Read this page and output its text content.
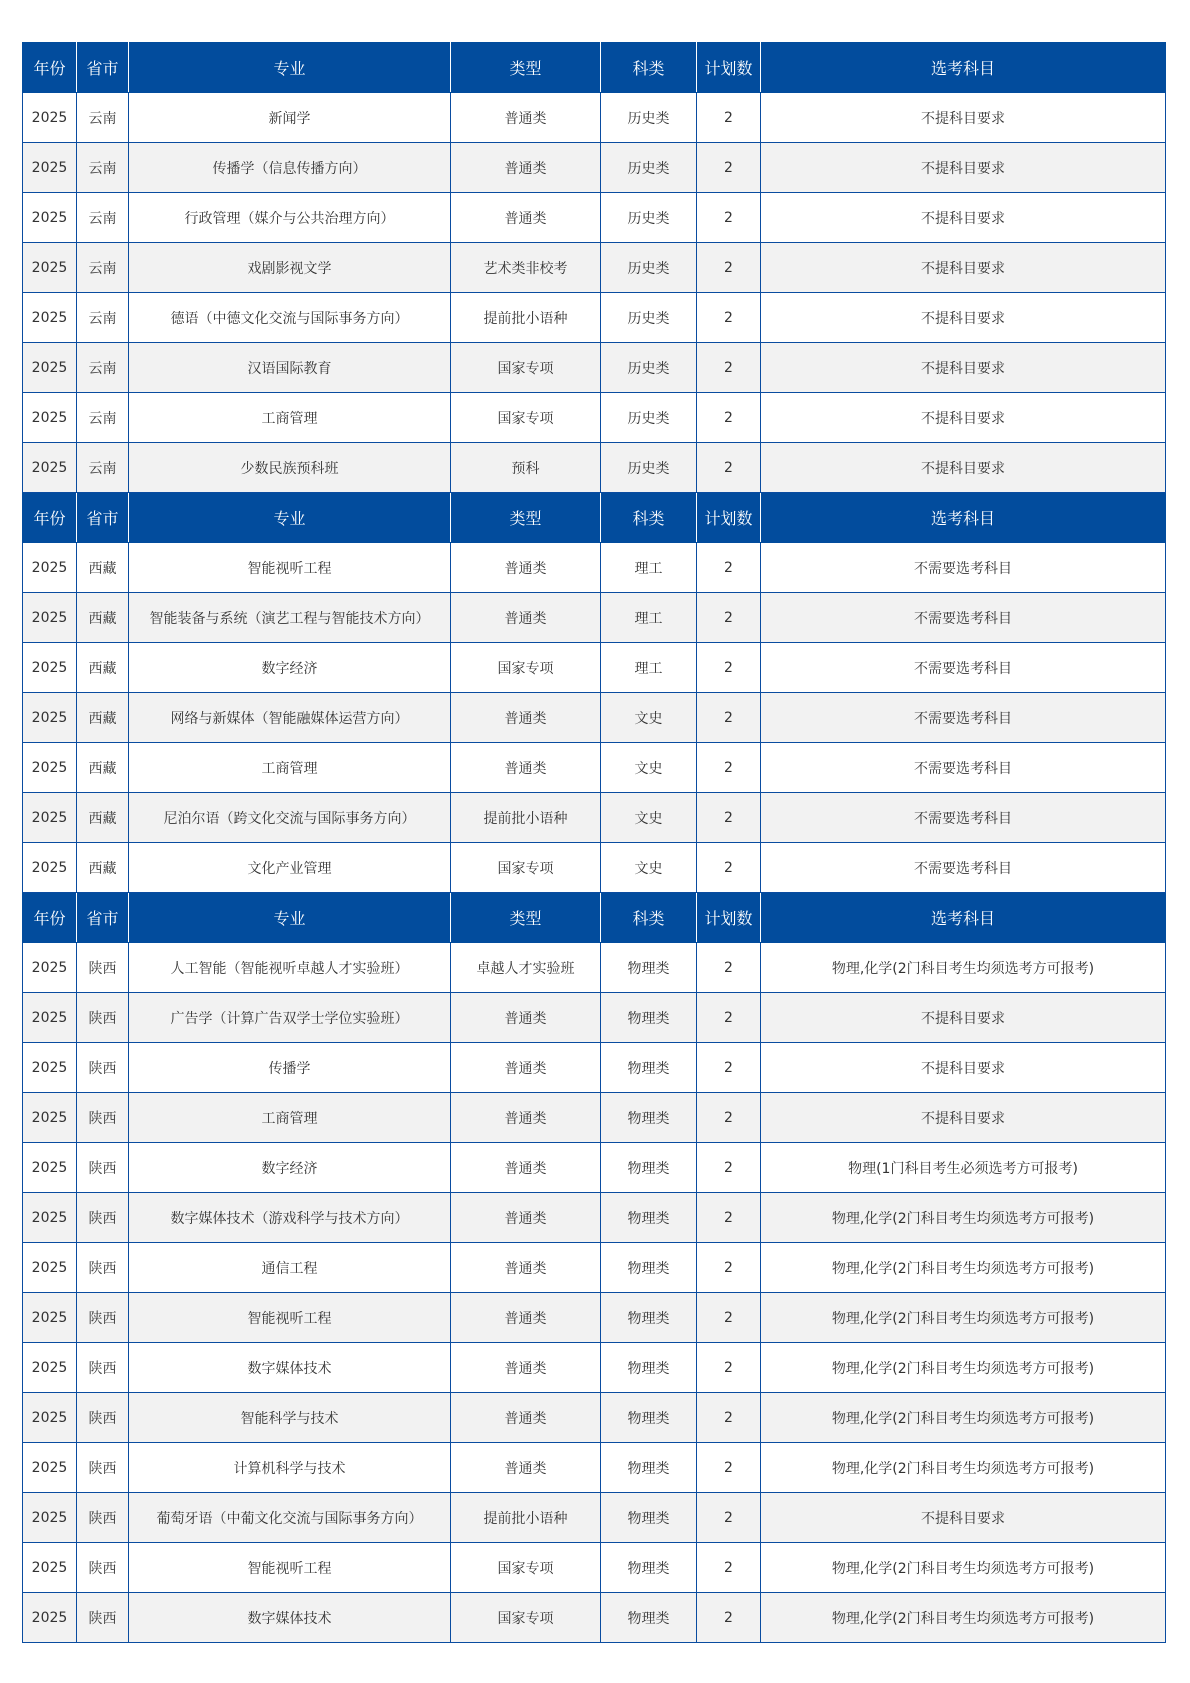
年份	省市	专业	类型	科类	计划数	选考科目
2025	云南	新闻学	普通类	历史类	2	不提科目要求
2025	云南	传播学（信息传播方向）	普通类	历史类	2	不提科目要求
2025	云南	行政管理（媒介与公共治理方向）	普通类	历史类	2	不提科目要求
2025	云南	戏剧影视文学	艺术类非校考	历史类	2	不提科目要求
2025	云南	德语（中德文化交流与国际事务方向）	提前批小语种	历史类	2	不提科目要求
2025	云南	汉语国际教育	国家专项	历史类	2	不提科目要求
2025	云南	工商管理	国家专项	历史类	2	不提科目要求
2025	云南	少数民族预科班	预科	历史类	2	不提科目要求
年份	省市	专业	类型	科类	计划数	选考科目
2025	西藏	智能视听工程	普通类	理工	2	不需要选考科目
2025	西藏	智能装备与系统（演艺工程与智能技术方向）	普通类	理工	2	不需要选考科目
2025	西藏	数字经济	国家专项	理工	2	不需要选考科目
2025	西藏	网络与新媒体（智能融媒体运营方向）	普通类	文史	2	不需要选考科目
2025	西藏	工商管理	普通类	文史	2	不需要选考科目
2025	西藏	尼泊尔语（跨文化交流与国际事务方向）	提前批小语种	文史	2	不需要选考科目
2025	西藏	文化产业管理	国家专项	文史	2	不需要选考科目
年份	省市	专业	类型	科类	计划数	选考科目
2025	陕西	人工智能（智能视听卓越人才实验班）	卓越人才实验班	物理类	2	物理,化学(2门科目考生均须选考方可报考)
2025	陕西	广告学（计算广告双学士学位实验班）	普通类	物理类	2	不提科目要求
2025	陕西	传播学	普通类	物理类	2	不提科目要求
2025	陕西	工商管理	普通类	物理类	2	不提科目要求
2025	陕西	数字经济	普通类	物理类	2	物理(1门科目考生必须选考方可报考)
2025	陕西	数字媒体技术（游戏科学与技术方向）	普通类	物理类	2	物理,化学(2门科目考生均须选考方可报考)
2025	陕西	通信工程	普通类	物理类	2	物理,化学(2门科目考生均须选考方可报考)
2025	陕西	智能视听工程	普通类	物理类	2	物理,化学(2门科目考生均须选考方可报考)
2025	陕西	数字媒体技术	普通类	物理类	2	物理,化学(2门科目考生均须选考方可报考)
2025	陕西	智能科学与技术	普通类	物理类	2	物理,化学(2门科目考生均须选考方可报考)
2025	陕西	计算机科学与技术	普通类	物理类	2	物理,化学(2门科目考生均须选考方可报考)
2025	陕西	葡萄牙语（中葡文化交流与国际事务方向）	提前批小语种	物理类	2	不提科目要求
2025	陕西	智能视听工程	国家专项	物理类	2	物理,化学(2门科目考生均须选考方可报考)
2025	陕西	数字媒体技术	国家专项	物理类	2	物理,化学(2门科目考生均须选考方可报考)
